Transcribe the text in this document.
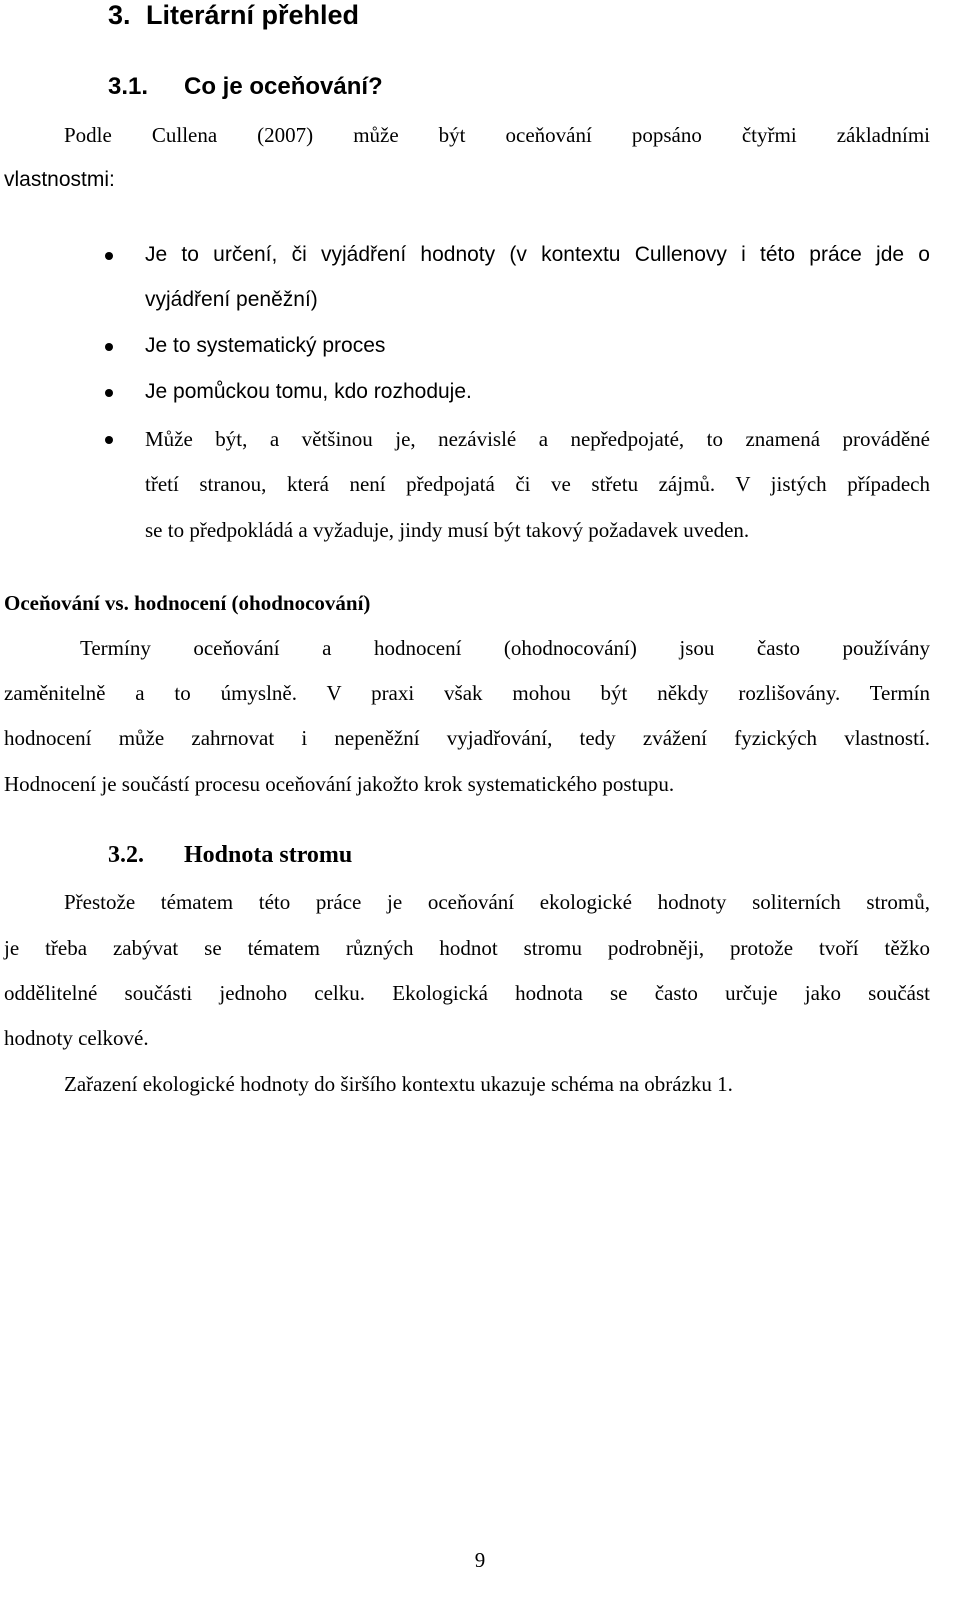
3. Literární přehled
3.1. Co je oceňování?
Podle Cullena (2007) může být oceňování popsáno čtyřmi základními
vlastnostmi:
Je to určení, či vyjádření hodnoty (v kontextu Cullenovy i této práce jde o
vyjádření peněžní)
Je to systematický proces
Je pomůckou tomu, kdo rozhoduje.
Může být, a většinou je, nezávislé a nepředpojaté, to znamená prováděné
třetí stranou, která není předpojatá či ve střetu zájmů. V jistých případech
se to předpokládá a vyžaduje, jindy musí být takový požadavek uveden.
Oceňování vs. hodnocení (ohodnocování)
Termíny oceňování a hodnocení (ohodnocování) jsou často používány
zaměnitelně a to úmyslně. V praxi však mohou být někdy rozlišovány. Termín
hodnocení může zahrnovat i nepeněžní vyjadřování, tedy zvážení fyzických vlastností.
Hodnocení je součástí procesu oceňování jakožto krok systematického postupu.
3.2. Hodnota stromu
Přestože tématem této práce je oceňování ekologické hodnoty soliterních stromů,
je třeba zabývat se tématem různých hodnot stromu podrobněji, protože tvoří těžko
oddělitelné součásti jednoho celku. Ekologická hodnota se často určuje jako součást
hodnoty celkové.
Zařazení ekologické hodnoty do širšího kontextu ukazuje schéma na obrázku 1.
9
